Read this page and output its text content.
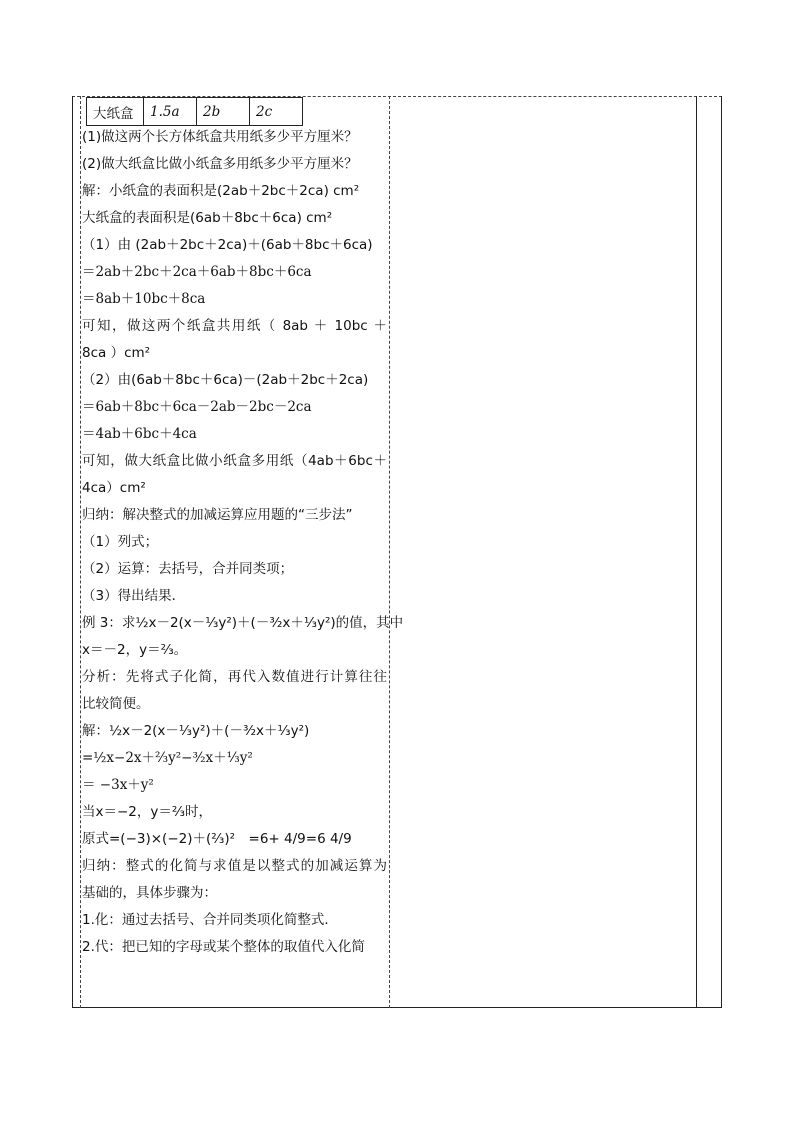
大纸盒	1.5a	2b	2c
(1)做这两个长方体纸盒共用纸多少平方厘米？
(2)做大纸盒比做小纸盒多用纸多少平方厘米？
解：小纸盒的表面积是(2ab＋2bc＋2ca) cm²
大纸盒的表面积是(6ab＋8bc＋6ca) cm²
（1）由 (2ab＋2bc＋2ca)＋(6ab＋8bc＋6ca)
＝2ab＋2bc＋2ca＋6ab＋8bc＋6ca
＝8ab＋10bc＋8ca
可知，做这两个纸盒共用纸（ 8ab ＋ 10bc ＋
8ca ）cm²
（2）由(6ab＋8bc＋6ca)－(2ab＋2bc＋2ca)
＝6ab＋8bc＋6ca－2ab－2bc－2ca
＝4ab＋6bc＋4ca
可知，做大纸盒比做小纸盒多用纸（4ab＋6bc＋
4ca）cm²
归纳：解决整式的加减运算应用题的“三步法”
（1）列式；
（2）运算：去括号，合并同类项；
（3）得出结果．
例 3：求½x－2(x－⅓y²)＋(－³⁄₂x＋⅓y²)的值，其中
x＝－2，y＝⅔。
分析：先将式子化简，再代入数值进行计算往往
比较简便。
解：½x－2(x－⅓y²)＋(－³⁄₂x＋⅓y²)
=½x−2x＋⅔y²−³⁄₂x＋⅓y²
＝ −3x＋y²
当x＝−2，y＝⅔时，
原式=(−3)×(−2)＋(⅔)²　=6+ 4/9=6 4/9
归纳：整式的化简与求值是以整式的加减运算为
基础的，具体步骤为：
1.化：通过去括号、合并同类项化简整式．
2.代：把已知的字母或某个整体的取值代入化简
